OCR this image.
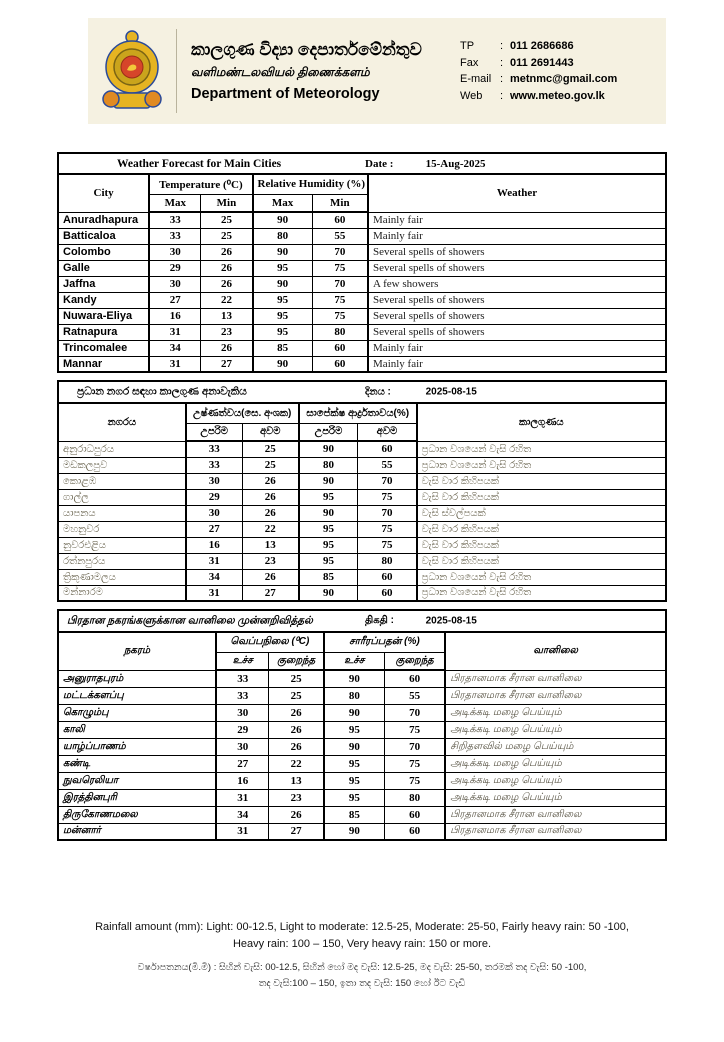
කාලගුණ විද්‍යා දෙපාර්තමේන්තුව
வளிமண்டலவியல் திணைக்களம்
Department of Meteorology
TP	: 011 2686686
Fax	: 011 2691443
E-mail : metnmc@gmail.com
Web	: www.meteo.gov.lk
Weather Forecast for Main Cities Date : 15-Aug-2025					

City	Temperature (⁰C)		Relative Humidity (%)		Weather
	Max	Min	Max	Min	
Anuradhapura	33	25	90	60	Mainly fair
Batticaloa	33	25	80	55	Mainly fair
Colombo	30	26	90	70	Several spells of showers
Galle	29	26	95	75	Several spells of showers
Jaffna	30	26	90	70	A few showers
Kandy	27	22	95	75	Several spells of showers
Nuwara-Eliya	16	13	95	75	Several spells of showers
Ratnapura	31	23	95	80	Several spells of showers
Trincomalee	34	26	85	60	Mainly fair
Mannar	31	27	90	60	Mainly fair
ප්‍රධාන නගර සඳහා කාලගුණ අනාවැකිය දිනය : 2025-08-15					

නගරය	උෂ්ණත්වය(සෙ. අංශක)		සාපේක්ෂ ආර්ද්‍රතාවය(%)		කාලගුණය
	උපරිම	අවම	උපරිම	අවම	
අනුරාධපුරය	33	25	90	60	ප්‍රධාන වශයෙන් වැසි රහිත
මඩකලපුව	33	25	80	55	ප්‍රධාන වශයෙන් වැසි රහිත
කොළඹ	30	26	90	70	වැසි වාර කිහිපයක්
ගාල්ල	29	26	95	75	වැසි වාර කිහිපයක්
යාපනය	30	26	90	70	වැසි ස්වල්පයක්
මහනුවර	27	22	95	75	වැසි වාර කිහිපයක්
නුවරඑළිය	16	13	95	75	වැසි වාර කිහිපයක්
රත්නපුරය	31	23	95	80	වැසි වාර කිහිපයක්
ත්‍රිකුණාමලය	34	26	85	60	ප්‍රධාන වශයෙන් වැසි රහිත
මන්නාරම	31	27	90	60	ප්‍රධාන වශයෙන් වැසි රහිත
பிரதான நகரங்களுக்கான வானிலை முன்னறிவித்தல் திகதி : 2025-08-15					

நகரம்	வெப்பநிலை (⁰C)		சாரீரப்பதன் (%)		வானிலை
	உச்ச	குறைந்த	உச்ச	குறைந்த	
அனுராதபுரம்	33	25	90	60	பிரதானமாக சீரான வானிலை
மட்டக்களப்பு	33	25	80	55	பிரதானமாக சீரான வானிலை
கொழும்பு	30	26	90	70	அடிக்கடி மழை பெய்யும்
காலி	29	26	95	75	அடிக்கடி மழை பெய்யும்
யாழ்ப்பாணம்	30	26	90	70	சிறிதளவில் மழை பெய்யும்
கண்டி	27	22	95	75	அடிக்கடி மழை பெய்யும்
நுவரெலியா	16	13	95	75	அடிக்கடி மழை பெய்யும்
இரத்தினபுரி	31	23	95	80	அடிக்கடி மழை பெய்யும்
திருகோணமலை	34	26	85	60	பிரதானமாக சீரான வானிலை
மன்னார்	31	27	90	60	பிரதானமாக சீரான வானிலை
Rainfall amount (mm): Light: 00-12.5, Light to moderate: 12.5-25, Moderate: 25-50, Fairly heavy rain: 50 -100,
Heavy rain: 100 – 150, Very heavy rain: 150 or more.
වර්ෂාපතනය(මි.මී) : සිහින් වැසි: 00-12.5, සිහින් හෝ මද වැසි: 12.5-25, මද වැසි: 25-50, තරමක් තද වැසි: 50 -100,
තද වැසි:100 – 150, ඉතා තද වැසි: 150 හෝ ඊට වැඩි
